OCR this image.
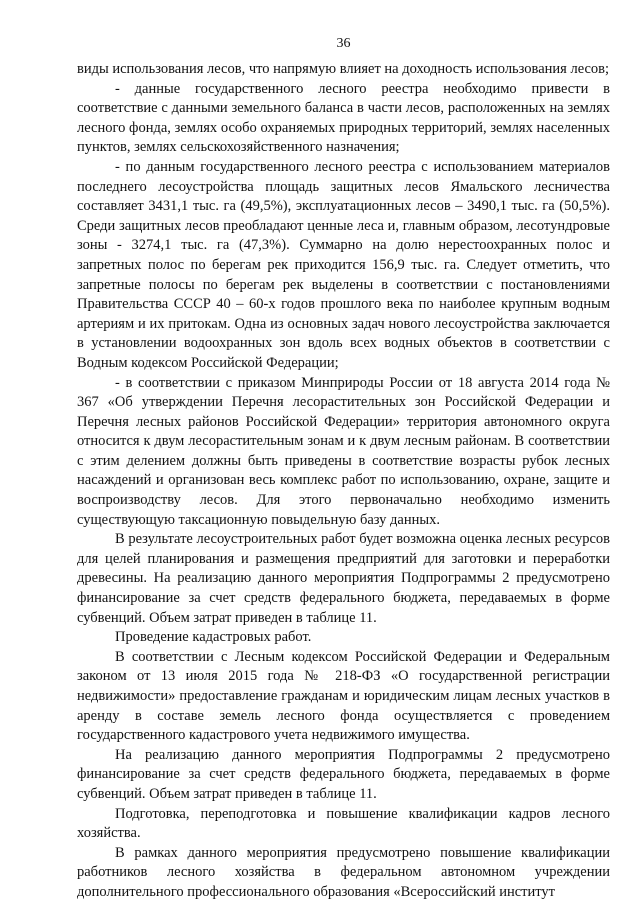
36

виды использования лесов, что напрямую влияет на доходность использования лесов;

- данные государственного лесного реестра необходимо привести в соответствие с данными земельного баланса в части лесов, расположенных на землях лесного фонда, землях особо охраняемых природных территорий, землях населенных пунктов, землях сельскохозяйственного назначения;

- по данным государственного лесного реестра с использованием материалов последнего лесоустройства площадь защитных лесов Ямальского лесничества составляет 3431,1 тыс. га (49,5%), эксплуатационных лесов – 3490,1 тыс. га (50,5%). Среди защитных лесов преобладают ценные леса и, главным образом, лесотундровые зоны - 3274,1 тыс. га (47,3%). Суммарно на долю нерестоохранных полос и запретных полос по берегам рек приходится 156,9 тыс. га. Следует отметить, что запретные полосы по берегам рек выделены в соответствии с постановлениями Правительства СССР 40 – 60-х годов прошлого века по наиболее крупным водным артериям и их притокам. Одна из основных задач нового лесоустройства заключается в установлении водоохранных зон вдоль всех водных объектов в соответствии с Водным кодексом Российской Федерации;

- в соответствии с приказом Минприроды России от 18 августа 2014 года № 367 «Об утверждении Перечня лесорастительных зон Российской Федерации и Перечня лесных районов Российской Федерации» территория автономного округа относится к двум лесорастительным зонам и к двум лесным районам. В соответствии с этим делением должны быть приведены в соответствие возрасты рубок лесных насаждений и организован весь комплекс работ по использованию, охране, защите и воспроизводству лесов. Для этого первоначально необходимо изменить существующую таксационную повыдельную базу данных.

В результате лесоустроительных работ будет возможна оценка лесных ресурсов для целей планирования и размещения предприятий для заготовки и переработки древесины. На реализацию данного мероприятия Подпрограммы 2 предусмотрено финансирование за счет средств федерального бюджета, передаваемых в форме субвенций. Объем затрат приведен в таблице 11.

Проведение кадастровых работ.

В соответствии с Лесным кодексом Российской Федерации и Федеральным законом от 13 июля 2015 года № 218-ФЗ «О государственной регистрации недвижимости» предоставление гражданам и юридическим лицам лесных участков в аренду в составе земель лесного фонда осуществляется с проведением государственного кадастрового учета недвижимого имущества.

На реализацию данного мероприятия Подпрограммы 2 предусмотрено финансирование за счет средств федерального бюджета, передаваемых в форме субвенций. Объем затрат приведен в таблице 11.

Подготовка, переподготовка и повышение квалификации кадров лесного хозяйства.

В рамках данного мероприятия предусмотрено повышение квалификации работников лесного хозяйства в федеральном автономном учреждении дополнительного профессионального образования «Всероссийский институт
